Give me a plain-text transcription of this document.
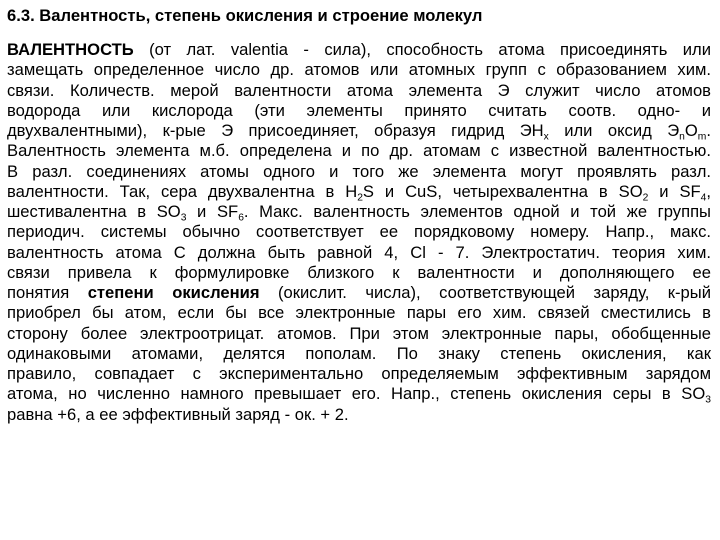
6.3. Валентность, степень окисления и строение молекул
ВАЛЕНТНОСТЬ (от лат. valentia - сила), способность атома присоединять или
замещать определенное число др. атомов или атомных групп с образованием хим.
связи. Количеств. мерой валентности атома элемента Э служит число атомов
водорода или кислорода (эти элементы принято считать соотв. одно- и
двухвалентными), к-рые Э присоединяет, образуя гидрид $ЭН_x$ или оксид $Э_nО_m$.
Валентность элемента м.б. определена и по др. атомам с известной валентностью.
В разл. соединениях атомы одного и того же элемента могут проявлять разл.
валентности. Так, сера двухвалентна в $H_2S$ и CuS, четырехвалентна в $SO_2$ и $SF_4$,
шестивалентна в $SO_3$ и $SF_6$. Макс. валентность элементов одной и той же группы
периодич. системы обычно соответствует ее порядковому номеру. Напр., макс.
валентность атома С должна быть равной 4, Cl - 7. Электростатич. теория хим.
связи привела к формулировке близкого к валентности и дополняющего ее
понятия степени окисления (окислит. числа), соответствующей заряду, к-рый
приобрел бы атом, если бы все электронные пары его хим. связей сместились в
сторону более электроотрицат. атомов. При этом электронные пары, обобщенные
одинаковыми атомами, делятся пополам. По знаку степень окисления, как
правило, совпадает с экспериментально определяемым эффективным зарядом
атома, но численно намного превышает его. Напр., степень окисления серы в $SO_3$
равна +6, а ее эффективный заряд - ок. + 2.
